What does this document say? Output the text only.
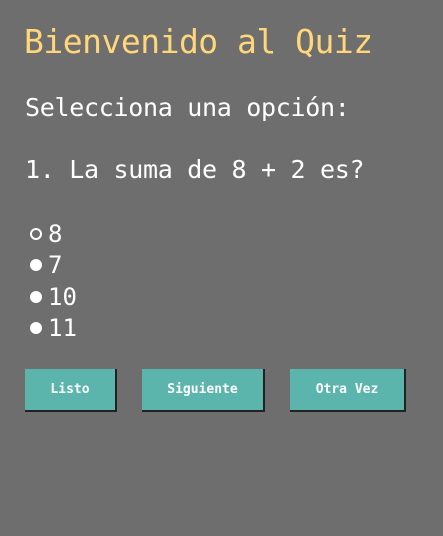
Bienvenido al Quiz
Selecciona una opción:
1. La suma de 8 + 2 es?
8
7
10
11
Listo	Siguiente	Otra Vez
